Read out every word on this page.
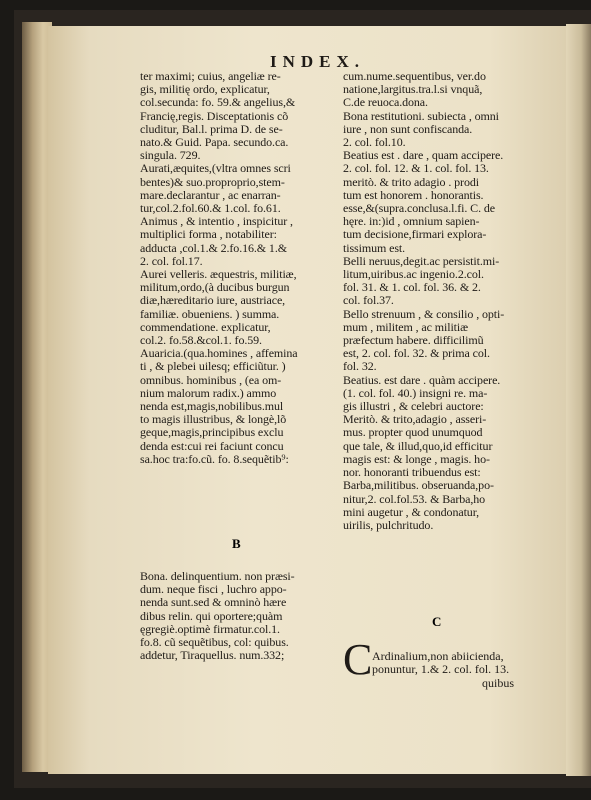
INDEX.

ter maximi; cuius, angeliæ re-

gis, militię ordo, explicatur,

col.secunda: fo. 59.& angelius,&

Francię,regis. Disceptationis cõ

cluditur, Bal.l. prima D. de se-

nato.& Guid. Papa. secundo.ca.

singula. 729.

Aurati,æquites,(vltra omnes scri

bentes)& suo.proproprio,stem-

mare.declarantur , ac enarran-

tur,col.2.fol.60.& 1.col. fo.61.

Animus , & intentio , inspicitur ,

multiplici forma , notabiliter:

adducta ,col.1.& 2.fo.16.& 1.&

2. col. fol.17.

Aurei velleris. æquestris, militiæ,

militum,ordo,(à ducibus burgun

diæ,hæreditario iure, austriace,

familiæ. obueniens. ) summa.

commendatione. explicatur,

col.2. fo.58.&col.1. fo.59.

Auaricia.(qua.homines , affemina

ti , & plebei uilesq; efficiũtur. )

omnibus. hominibus , (ea om-

nium malorum radix.) ammo

nenda est,magis,nobilibus.mul

to magis illustribus, & longè,lõ

geque,magis,principibus exclu

denda est:cui rei faciunt concu

sa.hoc tra:fo.cũ. fo. 8.sequẽtib⁹:

B

Bona. delinquentium. non præsi-

dum. neque fisci , luchro appo-

nenda sunt.sed & omninò hære

dibus relin. qui oportere;quàm

ęgregiè.optimè firmatur.col.1.

fo.8. cũ sequẽtibus, col: quibus.

addetur, Tiraquellus. num.332;

cum.nume.sequentibus, ver.do

natione,largitus.tra.l.si vnquã,

C.de reuoca.dona.

Bona restitutioni. subiecta , omni

iure , non sunt confiscanda.

2. col. fol.10.

Beatius est . dare , quam accipere.

2. col. fol. 12. & 1. col. fol. 13.

meritò. & trito adagio . prodi

tum est honorem . honorantis.

esse,&(supra.conclusa.l.fi. C. de

hęre. in:)id , omnium sapien-

tum decisione,firmari explora-

tissimum est.

Belli neruus,degit.ac persistit.mi-

litum,uiribus.ac ingenio.2.col.

fol. 31. & 1. col. fol. 36. & 2.

col. fol.37.

Bello strenuum , & consilio , opti-

mum , militem , ac militiæ

præfectum habere. difficilimũ

est, 2. col. fol. 32. & prima col.

fol. 32.

Beatius. est dare . quàm accipere.

(1. col. fol. 40.) insigni re. ma-

gis illustri , & celebri auctore:

Meritò. & trito,adagio , asseri-

mus. propter quod unumquod

que tale, & illud,quo,id efficitur

magis est: & longe , magis. ho-

nor. honoranti tribuendus est:

Barba,militibus. obseruanda,po-

nitur,2. col.fol.53. & Barba,ho

mini augetur , & condonatur,

uirilis, pulchritudo.

C
C Ardinalium,non abiicienda,

ponuntur, 1.& 2. col. fol. 13.

quibus
